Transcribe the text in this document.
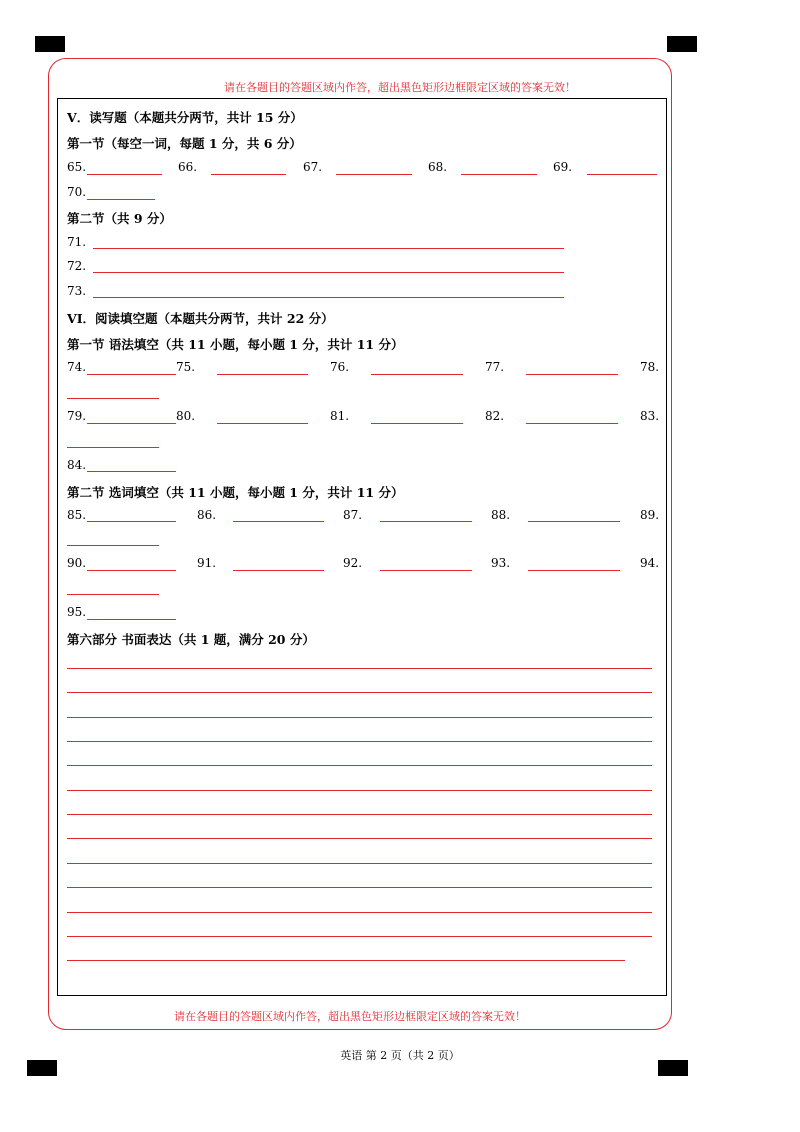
请在各题目的答题区域内作答，超出黑色矩形边框限定区域的答案无效！
请在各题目的答题区域内作答，超出黑色矩形边框限定区域的答案无效！
V．读写题（本题共分两节，共计 15 分）
第一节（每空一词，每题 1 分，共 6 分）
65.	66.	67.	68.	69.
70.
第二节（共 9 分）
71.
72.
73.
VI．阅读填空题（本题共分两节，共计 22 分）
第一节 语法填空（共 11 小题，每小题 1 分，共计 11 分）
74.	75.	76.	77.	78.
79.	80.	81.	82.	83.
84.
第二节 选词填空（共 11 小题，每小题 1 分，共计 11 分）
85.	86.	87.	88.	89.
90.	91.	92.	93.	94.
95.
第六部分 书面表达（共 1 题，满分 20 分）
英语 第 2 页（共 2 页）
